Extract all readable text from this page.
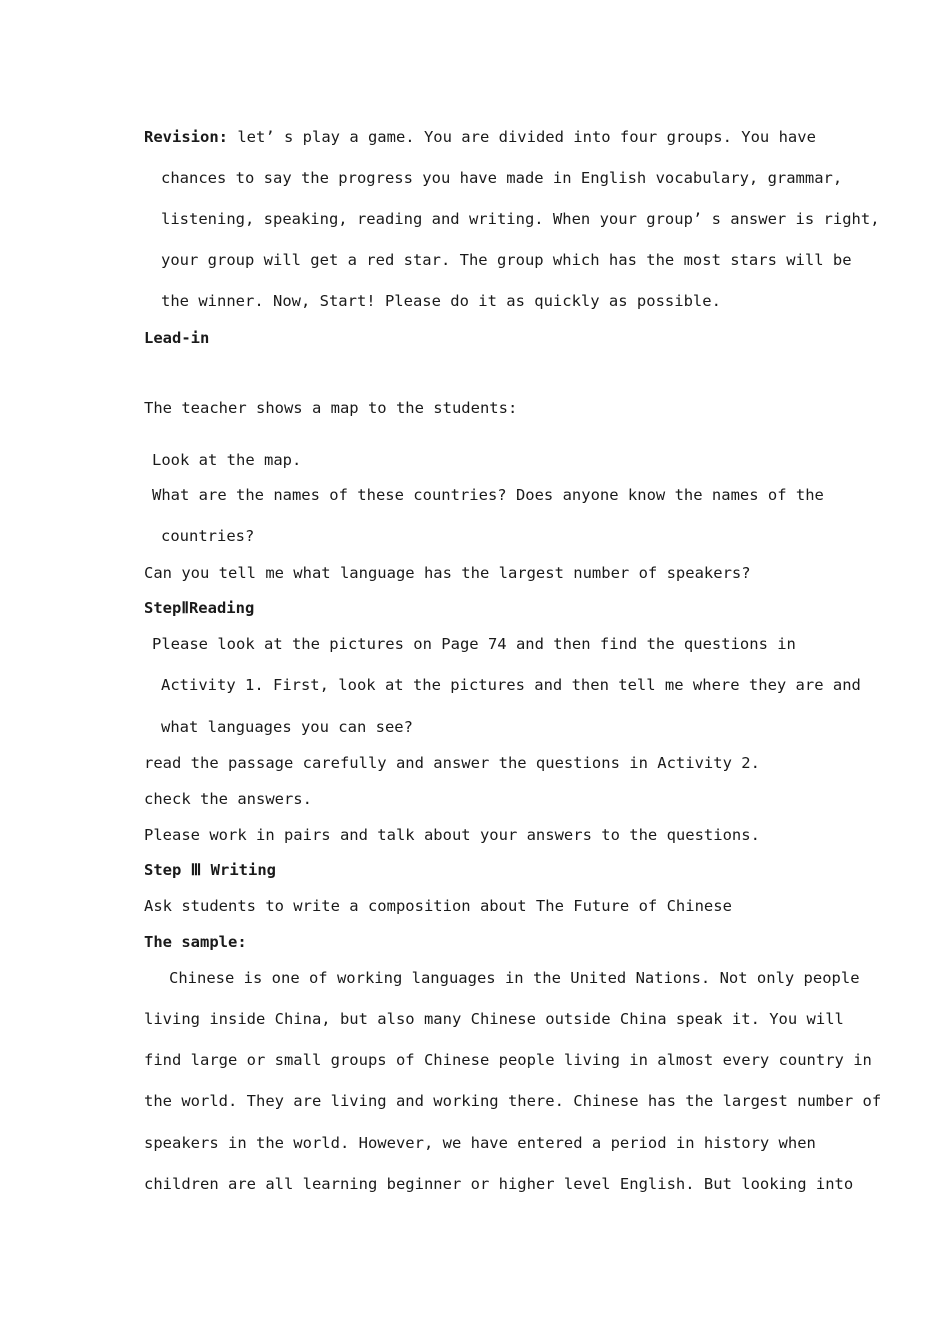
Revision: let’ s play a game. You are divided into four groups. You have
chances to say the progress you have made in English vocabulary, grammar,
listening, speaking, reading and writing. When your group’ s answer is right,
your group will get a red star. The group which has the most stars will be
the winner. Now, Start! Please do it as quickly as possible.
Lead-in
The teacher shows a map to the students:
Look at the map.
What are the names of these countries? Does anyone know the names of the
countries?
Can you tell me what language has the largest number of speakers?
StepⅡReading
Please look at the pictures on Page 74 and then find the questions in
Activity 1. First, look at the pictures and then tell me where they are and
what languages you can see?
read the passage carefully and answer the questions in Activity 2.
check the answers.
Please work in pairs and talk about your answers to the questions.
Step Ⅲ Writing
Ask students to write a composition about The Future of Chinese
The sample:
Chinese is one of working languages in the United Nations. Not only people
living inside China, but also many Chinese outside China speak it. You will
find large or small groups of Chinese people living in almost every country in
the world. They are living and working there. Chinese has the largest number of
speakers in the world. However, we have entered a period in history when
children are all learning beginner or higher level English. But looking into
